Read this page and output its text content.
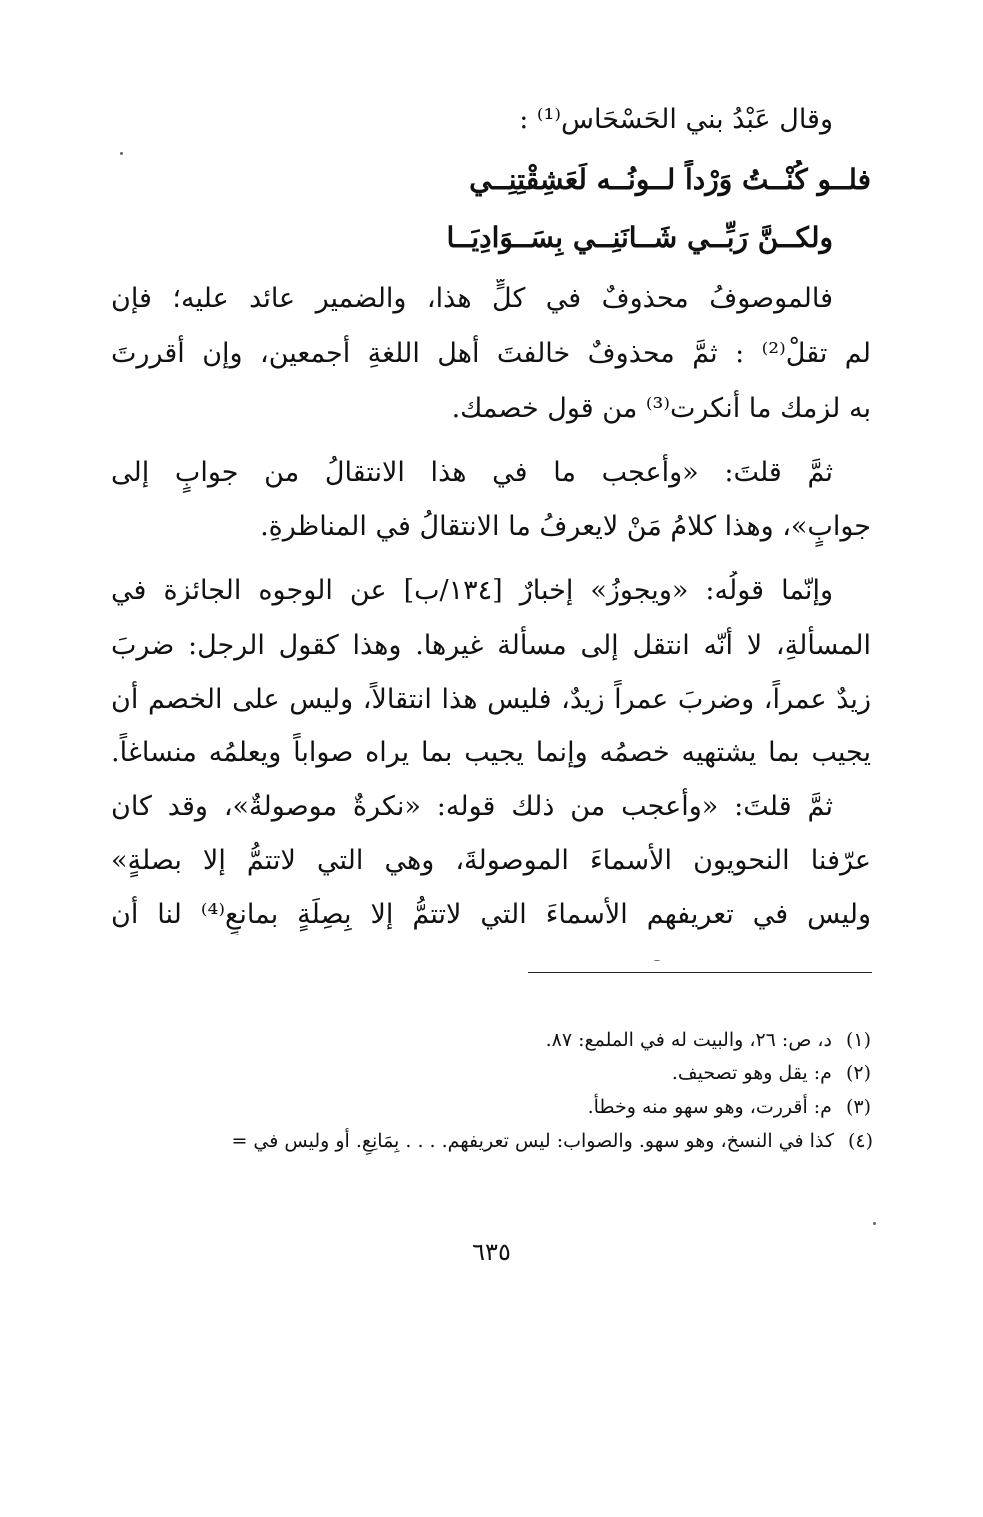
وقال عَبْدُ بني الحَسْحَاس⁽¹⁾ :
فلــو كُنْــتُ وَرْداً لــونُــه لَعَشِقْتِنِــي
ولكــنَّ رَبِّــي شَــانَنِــي بِسَــوَادِيَــا
فالموصوفُ محذوفٌ في كلٍّ هذا، والضمير عائد عليه؛ فإن
لم تقلْ⁽²⁾ : ثمَّ محذوفٌ خالفتَ أهل اللغةِ أجمعين، وإن أقررتَ
به لزمك ما أنكرت⁽³⁾ من قول خصمك.
ثمَّ قلتَ: «وأعجب ما في هذا الانتقالُ من جوابٍ إلى
جوابٍ»، وهذا كلامُ مَنْ لايعرفُ ما الانتقالُ في المناظرةِ.
وإنّما قولُه: «ويجوزُ» إخبارٌ [١٣٤/ب] عن الوجوه الجائزة في
المسألةِ، لا أنّه انتقل إلى مسألة غيرها. وهذا كقول الرجل: ضربَ
زيدٌ عمراً، وضربَ عمراً زيدٌ، فليس هذا انتقالاً، وليس على الخصم أن
يجيب بما يشتهيه خصمُه وإنما يجيب بما يراه صواباً ويعلمُه منساغاً.
ثمَّ قلتَ: «وأعجب من ذلك قوله: «نكرةٌ موصولةٌ»، وقد كان
عرّفنا النحويون الأسماءَ الموصولةَ، وهي التي لاتتمُّ إلا بصلةٍ»
وليس في تعريفهم الأسماءَ التي لاتتمُّ إلا بِصِلَةٍ بمانعٍ⁽⁴⁾ لنا أن
(١)د، ص: ٢٦، والبيت له في الملمع: ٨٧.
(٢)م: يقل وهو تصحيف.
(٣)م: أقررت، وهو سهو منه وخطأ.
(٤)كذا في النسخ، وهو سهو. والصواب: ليس تعريفهم. . . . بِمَانِعٍ. أو وليس في =
٦٣٥
